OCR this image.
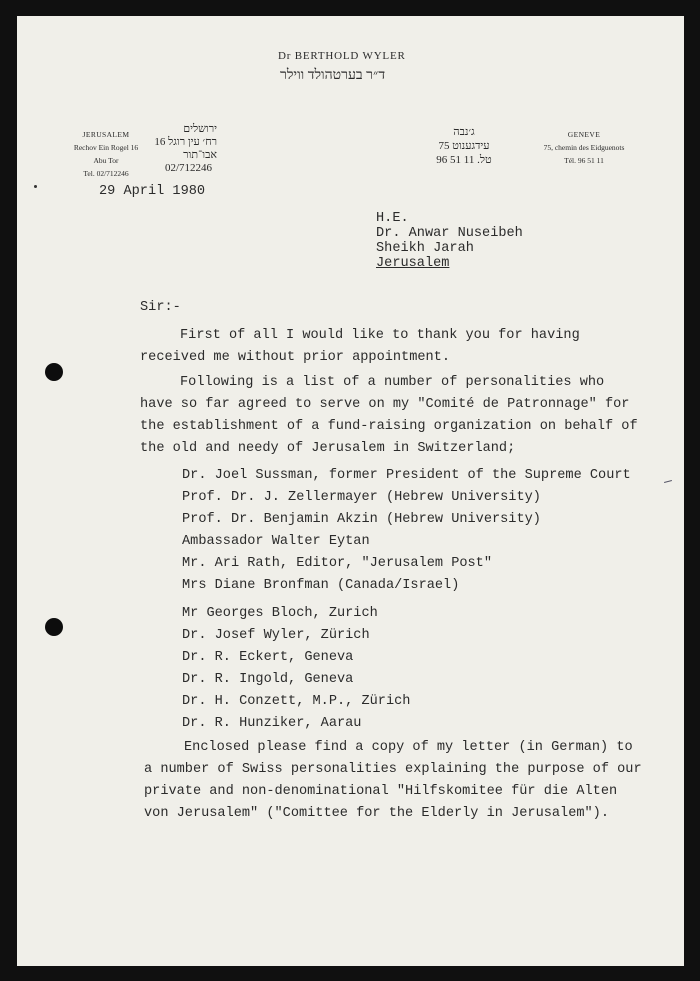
Dr BERTHOLD WYLER
ד״ר בערטהולד ווילר
JERUSALEM
Rechov Ein Rogel 16
Abu Tor
Tel. 02/712246
ירושלים
רח׳ עין רוגל 16
אבו־תור
02/712246
ג׳נבה
עידגענוט 75
טל. 11 51 96
GENEVE
75, chemin des Eidguenots
Tél. 96 51 11
29 April 1980
H.E.
Dr. Anwar Nuseibeh
Sheikh Jarah
Jerusalem
Sir:-
First of all I would like to thank you for having
received me without prior appointment.
Following is a list of a number of personalities who
have so far agreed to serve on my "Comité de Patronnage" for
the establishment of a fund-raising organization on behalf of
the old and needy of Jerusalem in Switzerland;
Dr. Joel Sussman, former President of the Supreme Court
Prof. Dr. J. Zellermayer (Hebrew University)
Prof. Dr. Benjamin Akzin (Hebrew University)
Ambassador Walter Eytan
Mr. Ari Rath, Editor, "Jerusalem Post"
Mrs Diane Bronfman (Canada/Israel)
Mr Georges Bloch, Zurich
Dr. Josef Wyler, Zürich
Dr. R. Eckert, Geneva
Dr. R. Ingold, Geneva
Dr. H. Conzett, M.P., Zürich
Dr. R. Hunziker, Aarau
Enclosed please find a copy of my letter (in German) to
a number of Swiss personalities explaining the purpose of our
private and non-denominational "Hilfskomitee für die Alten
von Jerusalem" ("Comittee for the Elderly in Jerusalem").
